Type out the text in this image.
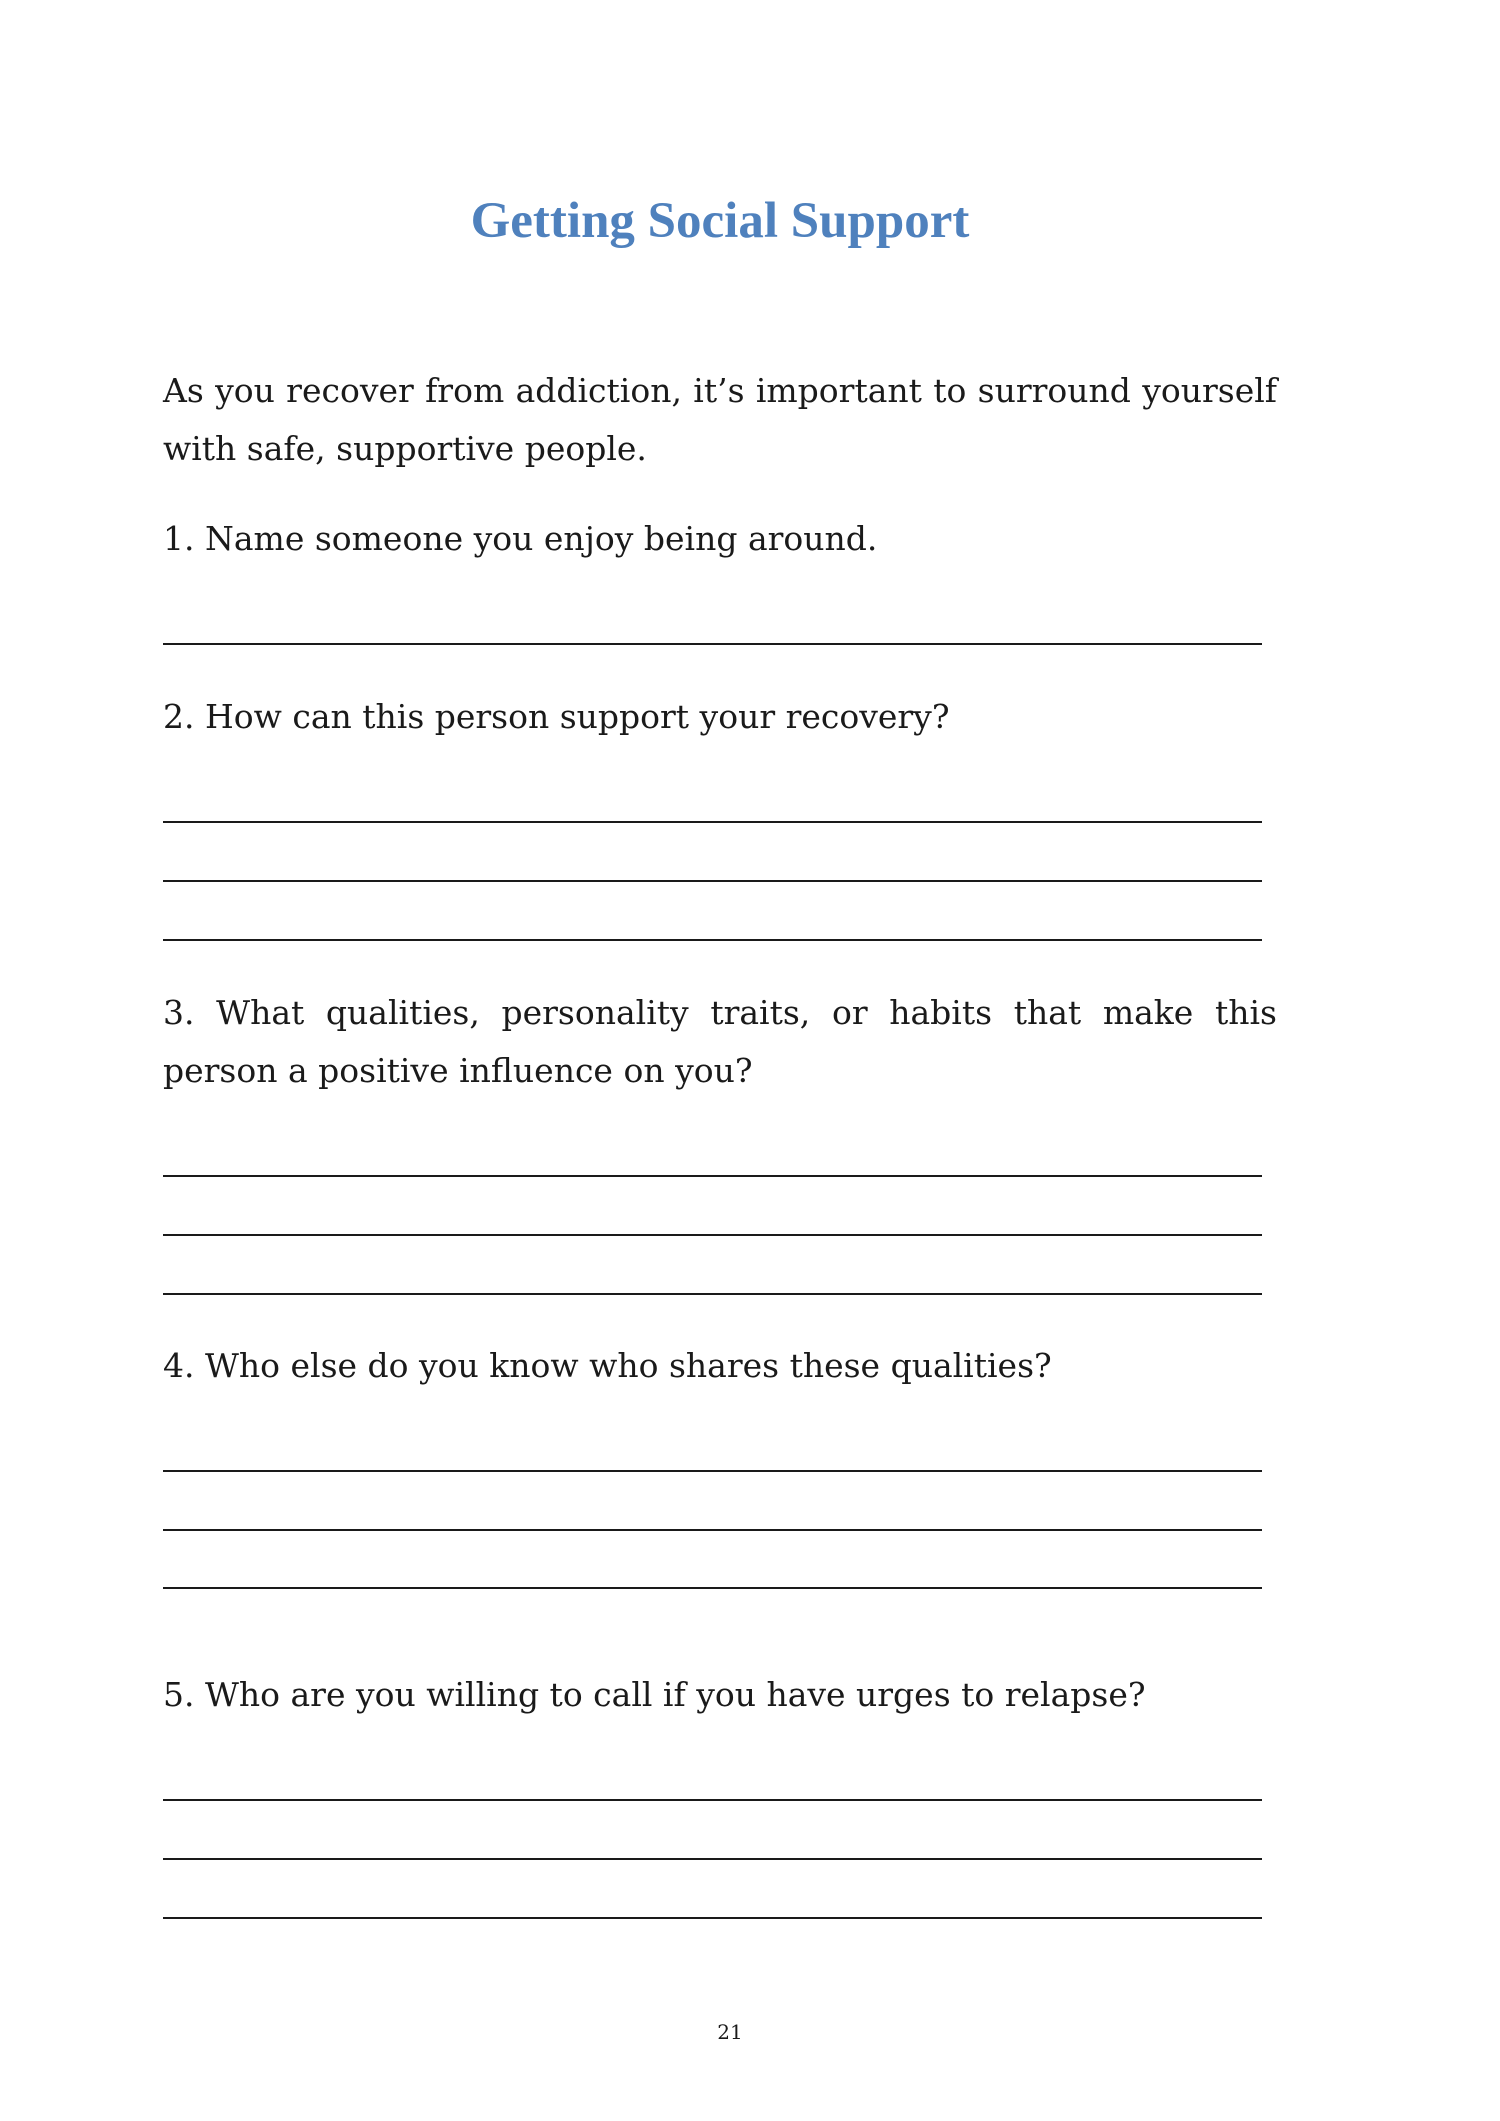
Getting Social Support

As you recover from addiction, it’s important to surround yourself with safe, supportive people.

1. Name someone you enjoy being around.

2. How can this person support your recovery?

3. What qualities, personality traits, or habits that make this person a positive influence on you?

4. Who else do you know who shares these qualities?

5. Who are you willing to call if you have urges to relapse?

21
